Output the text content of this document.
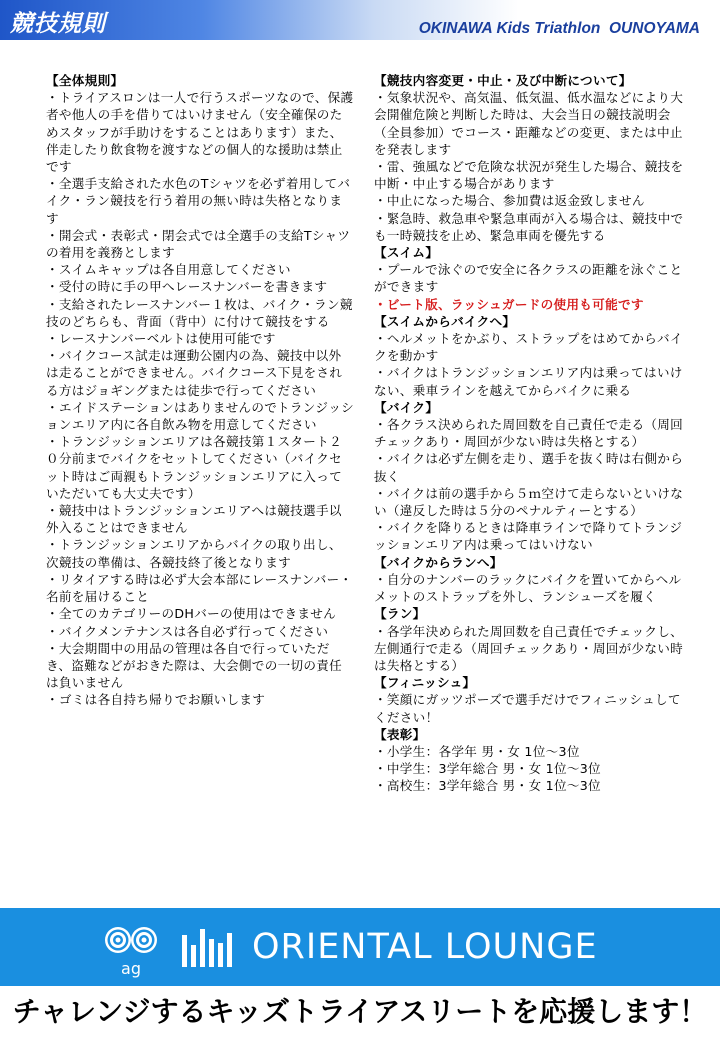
競技規則	OKINAWA Kids Triathlon  OUNOYAMA

【全体規則】

・トライアスロンは一人で行うスポーツなので、保護者や他人の手を借りてはいけません（安全確保のためスタッフが手助けをすることはあります）また、伴走したり飲食物を渡すなどの個人的な援助は禁止です

・全選手支給された水色のTシャツを必ず着用してバイク・ラン競技を行う着用の無い時は失格となります

・開会式・表彰式・閉会式では全選手の支給Tシャツの着用を義務とします

・スイムキャップは各自用意してください

・受付の時に手の甲へレースナンバーを書きます

・支給されたレースナンバー１枚は、バイク・ラン競技のどちらも、背面（背中）に付けて競技をする

・レースナンバーベルトは使用可能です

・バイクコース試走は運動公園内の為、競技中以外は走ることができません。バイクコース下見をされる方はジョギングまたは徒歩で行ってください

・エイドステーションはありませんのでトランジッションエリア内に各自飲み物を用意してください

・トランジッションエリアは各競技第１スタート２０分前までバイクをセットしてください（バイクセット時はご両親もトランジッションエリアに入っていただいても大丈夫です）

・競技中はトランジッションエリアへは競技選手以外入ることはできません

・トランジッションエリアからバイクの取り出し、次競技の準備は、各競技終了後となります

・リタイアする時は必ず大会本部にレースナンバー・名前を届けること

・全てのカテゴリーのDHバーの使用はできません

・バイクメンテナンスは各自必ず行ってください

・大会期間中の用品の管理は各自で行っていただき、盗難などがおきた際は、大会側での一切の責任は負いません

・ゴミは各自持ち帰りでお願いします

【競技内容変更・中止・及び中断について】

・気象状況や、高気温、低気温、低水温などにより大会開催危険と判断した時は、大会当日の競技説明会（全員参加）でコース・距離などの変更、または中止を発表します

・雷、強風などで危険な状況が発生した場合、競技を中断・中止する場合があります

・中止になった場合、参加費は返金致しません

・緊急時、救急車や緊急車両が入る場合は、競技中でも一時競技を止め、緊急車両を優先する

【スイム】

・プールで泳ぐので安全に各クラスの距離を泳ぐことができます

・ビート版、ラッシュガードの使用も可能です

【スイムからバイクへ】

・ヘルメットをかぶり、ストラップをはめてからバイクを動かす

・バイクはトランジッションエリア内は乗ってはいけない、乗車ラインを越えてからバイクに乗る

【バイク】

・各クラス決められた周回数を自己責任で走る（周回チェックあり・周回が少ない時は失格とする）

・バイクは必ず左側を走り、選手を抜く時は右側から抜く

・バイクは前の選手から５ｍ空けて走らないといけない（違反した時は５分のペナルティーとする）

・バイクを降りるときは降車ラインで降りてトランジッションエリア内は乗ってはいけない

【バイクからランへ】

・自分のナンバーのラックにバイクを置いてからヘルメットのストラップを外し、ランシューズを履く

【ラン】

・各学年決められた周回数を自己責任でチェックし、左側通行で走る（周回チェックあり・周回が少ない時は失格とする）

【フィニッシュ】

・笑顔にガッツポーズで選手だけでフィニッシュしてください！

【表彰】

・小学生：各学年 男・女 1位～3位

・中学生：3学年総合 男・女 1位～3位

・高校生：3学年総合 男・女 1位～3位

ag
ORIENTAL LOUNGE
チャレンジするキッズトライアスリートを応援します！
